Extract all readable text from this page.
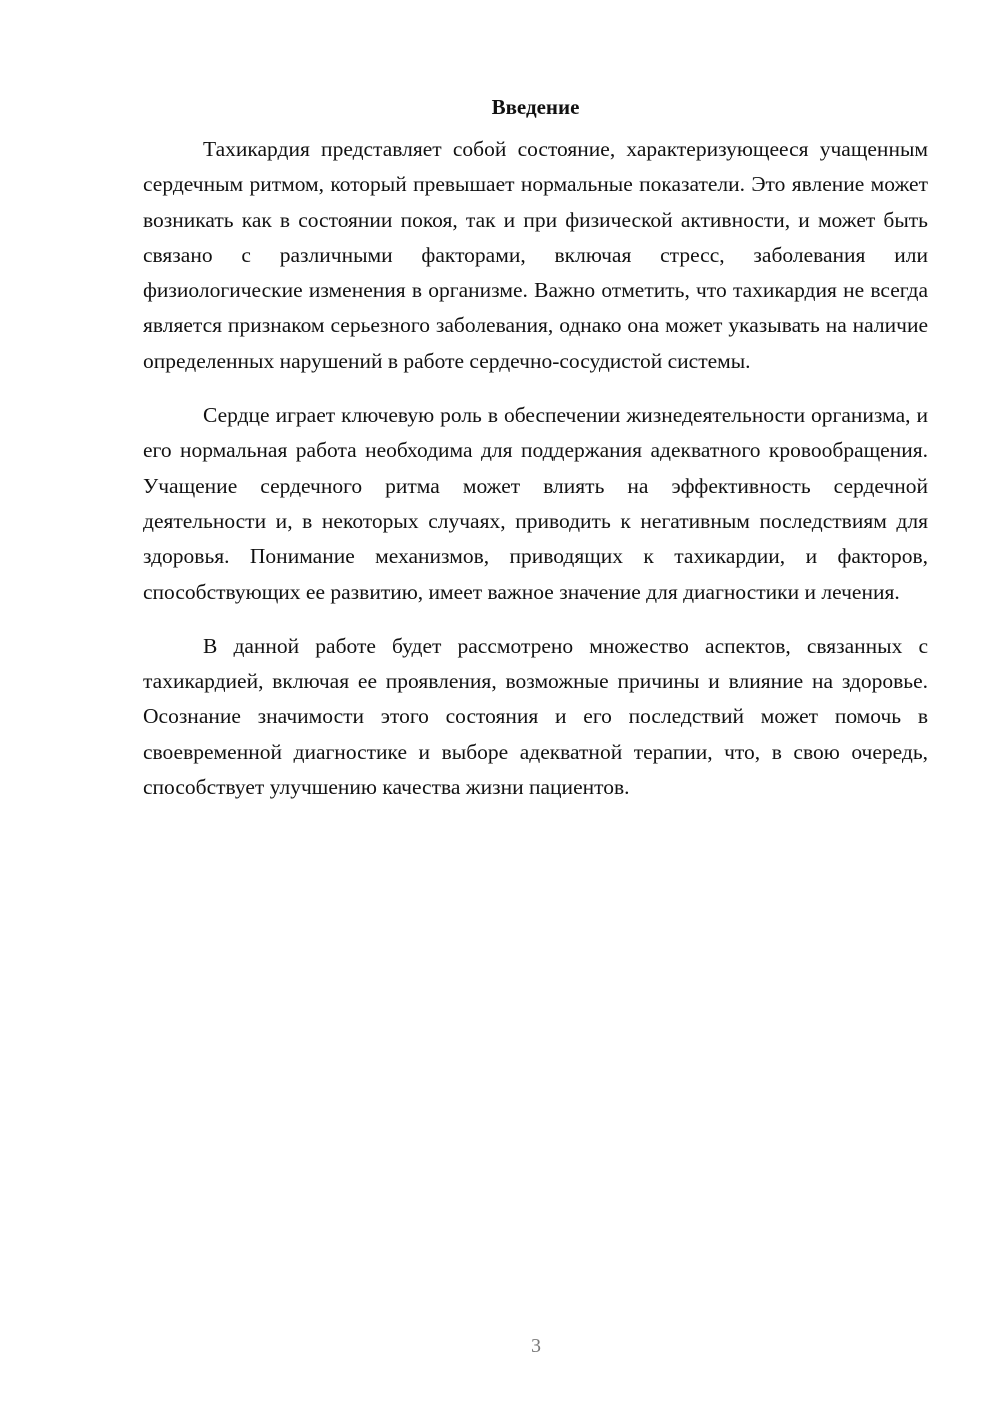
Введение

Тахикардия представляет собой состояние, характеризующееся учащенным сердечным ритмом, который превышает нормальные показатели. Это явление может возникать как в состоянии покоя, так и при физической активности, и может быть связано с различными факторами, включая стресс, заболевания или физиологические изменения в организме. Важно отметить, что тахикардия не всегда является признаком серьезного заболевания, однако она может указывать на наличие определенных нарушений в работе сердечно-сосудистой системы.

Сердце играет ключевую роль в обеспечении жизнедеятельности организма, и его нормальная работа необходима для поддержания адекватного кровообращения. Учащение сердечного ритма может влиять на эффективность сердечной деятельности и, в некоторых случаях, приводить к негативным последствиям для здоровья. Понимание механизмов, приводящих к тахикардии, и факторов, способствующих ее развитию, имеет важное значение для диагностики и лечения.

В данной работе будет рассмотрено множество аспектов, связанных с тахикардией, включая ее проявления, возможные причины и влияние на здоровье. Осознание значимости этого состояния и его последствий может помочь в своевременной диагностике и выборе адекватной терапии, что, в свою очередь, способствует улучшению качества жизни пациентов.

3
